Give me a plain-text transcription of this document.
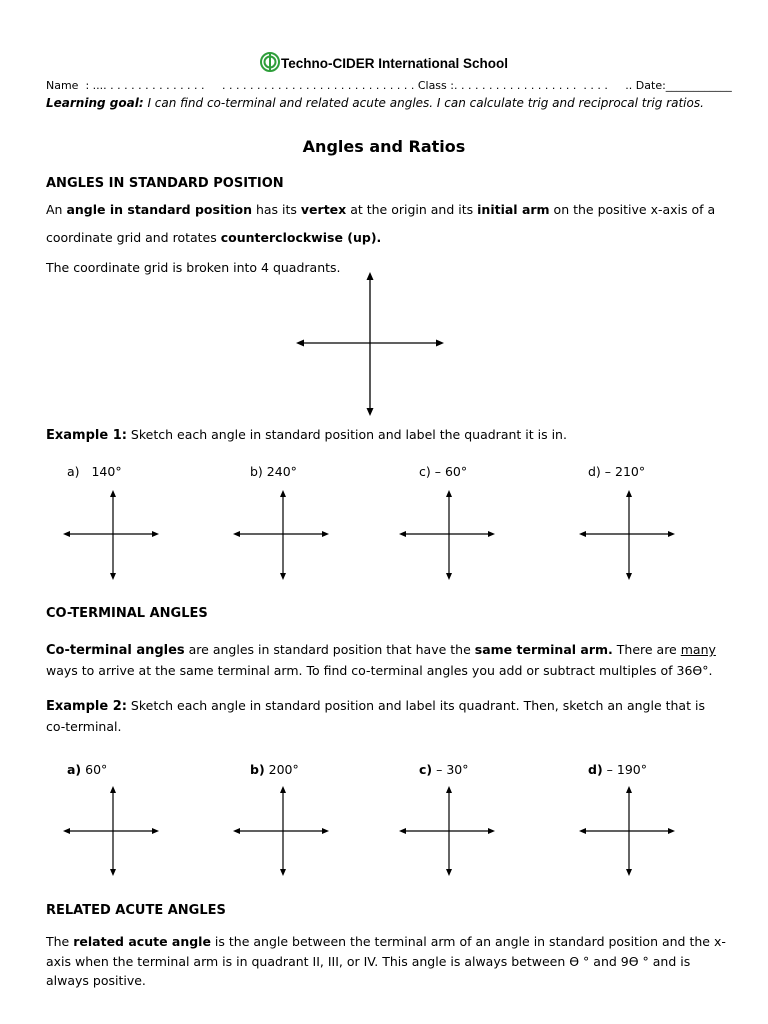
Techno-CIDER International School
Name  : .... . . . . . . . . . . . . . .     . . . . . . . . . . . . . . . . . . . . . . . . . . . . Class :. . . . . . . . . . . . . . . . . .  . . . .     .. Date:____________
Learning goal: I can find co-terminal and related acute angles. I can calculate trig and reciprocal trig ratios.
Angles and Ratios
ANGLES IN STANDARD POSITION
An angle in standard position has its vertex at the origin and its initial arm on the positive x-axis of a coordinate grid and rotates counterclockwise (up).
The coordinate grid is broken into 4 quadrants.
Example 1: Sketch each angle in standard position and label the quadrant it is in.
a)   140°	b) 240°	c) – 60°	d) – 210°
CO-TERMINAL ANGLES
Co-terminal angles are angles in standard position that have the same terminal arm. There are many ways to arrive at the same terminal arm. To find co-terminal angles you add or subtract multiples of 36ϴ°.
Example 2: Sketch each angle in standard position and label its quadrant. Then, sketch an angle that is co-terminal.
a) 60°	b) 200°	c) – 30°	d) – 190°
RELATED ACUTE ANGLES
The related acute angle is the angle between the terminal arm of an angle in standard position and the x-axis when the terminal arm is in quadrant II, III, or IV. This angle is always between ϴ ° and 9ϴ ° and is always positive.
